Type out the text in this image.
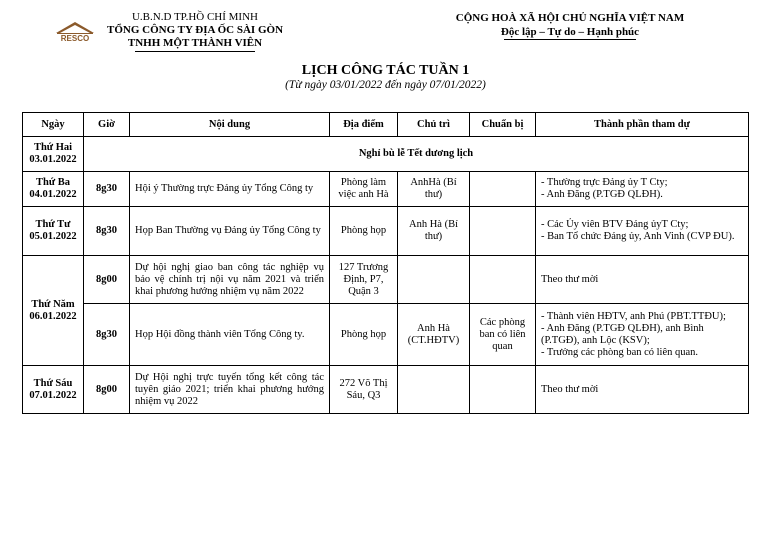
RESCO
U.B.N.D TP.HỒ CHÍ MINH
TỔNG CÔNG TY ĐỊA ỐC SÀI GÒN
TNHH MỘT THÀNH VIÊN
CỘNG HOÀ XÃ HỘI CHỦ NGHĨA VIỆT NAM
Độc lập – Tự do – Hạnh phúc
LỊCH CÔNG TÁC TUẦN 1
(Từ ngày 03/01/2022 đến ngày 07/01/2022)
Ngày	Giờ	Nội dung	Địa điểm	Chủ trì	Chuẩn bị	Thành phần tham dự
Thứ Hai
03.01.2022	Nghỉ bù lễ Tết dương lịch					
Thứ Ba
04.01.2022	8g30	Hội ý Thường trực Đảng ủy Tổng Công ty	Phòng làm việc anh Hà	AnhHà (Bí thư)		- Thường trực Đảng ủy T Cty;
- Anh Đăng (P.TGĐ QLĐH).
Thứ Tư
05.01.2022	8g30	Họp Ban Thường vụ Đảng ủy Tổng Công ty	Phòng họp	Anh Hà (Bí thư)		- Các Ủy viên BTV Đảng ủyT Cty;
- Ban Tổ chức Đảng ủy, Anh Vinh (CVP ĐU).
Thứ Năm
06.01.2022	8g00	Dự hội nghị giao ban công tác nghiệp vụ bảo vệ chính trị nội vụ năm 2021 và triển khai phương hướng nhiệm vụ năm 2022	127 Trương Định, P7, Quận 3			Theo thư mời
	8g30	Họp Hội đồng thành viên Tổng Công ty.	Phòng họp	Anh Hà (CT.HĐTV)	Các phòng ban có liên quan	- Thành viên HĐTV, anh Phú (PBT.TTĐU);
- Anh Đăng (P.TGĐ QLĐH), anh Bình (P.TGĐ), anh Lộc (KSV);
- Trưởng các phòng ban có liên quan.
Thứ Sáu
07.01.2022	8g00	Dự Hội nghị trực tuyến tổng kết công tác tuyên giáo 2021; triển khai phương hướng nhiệm vụ 2022	272 Võ Thị Sáu, Q3			Theo thư mời
